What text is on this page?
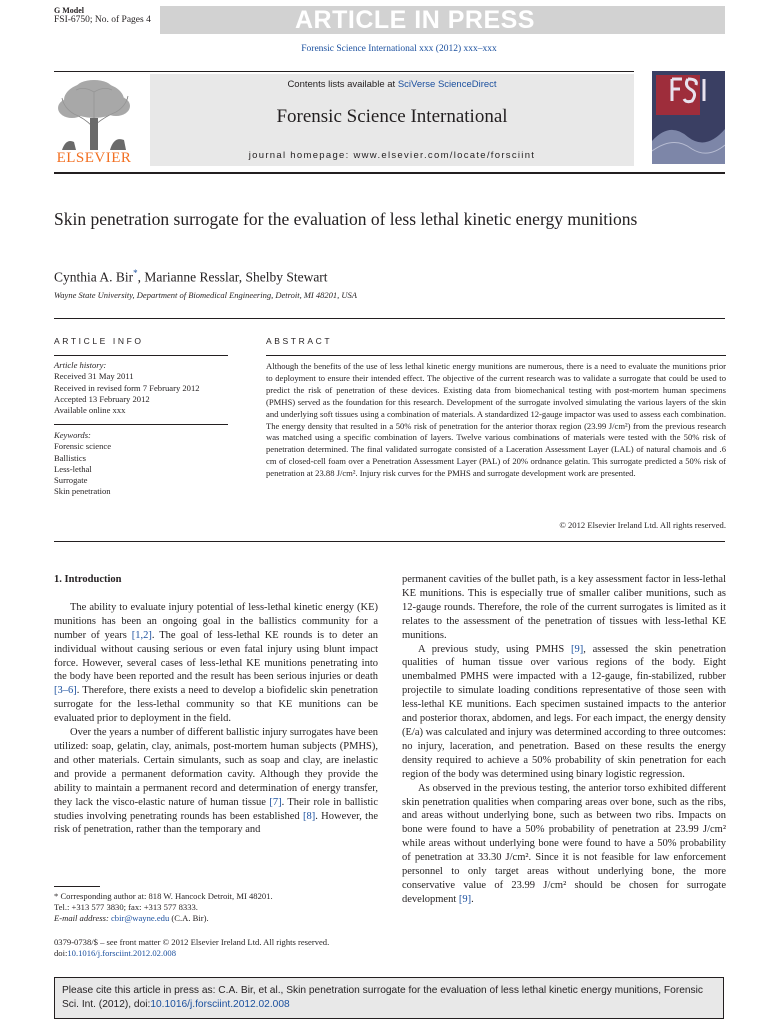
G Model
FSI-6750; No. of Pages 4	ARTICLE IN PRESS
Forensic Science International xxx (2012) xxx–xxx
ELSEVIER
Contents lists available at SciVerse ScienceDirect
Forensic Science International
journal homepage: www.elsevier.com/locate/forsciint
Skin penetration surrogate for the evaluation of less lethal kinetic energy munitions
Cynthia A. Bir*, Marianne Resslar, Shelby Stewart
Wayne State University, Department of Biomedical Engineering, Detroit, MI 48201, USA
ARTICLE INFO	ABSTRACT
Article history:
Received 31 May 2011
Received in revised form 7 February 2012
Accepted 13 February 2012
Available online xxx
Keywords:
Forensic science
Ballistics
Less-lethal
Surrogate
Skin penetration
Although the benefits of the use of less lethal kinetic energy munitions are numerous, there is a need to evaluate the munitions prior to deployment to ensure their intended effect. The objective of the current research was to validate a surrogate that could be used to predict the risk of penetration of these devices. Existing data from biomechanical testing with post-mortem human specimens (PMHS) served as the foundation for this research. Development of the surrogate involved simulating the various layers of the skin and underlying soft tissues using a combination of materials. A standardized 12-gauge impactor was used to assess each combination. The energy density that resulted in a 50% risk of penetration for the anterior thorax region (23.99 J/cm²) from the previous research was matched using a specific combination of layers. Twelve various combinations of materials were tested with the 50% risk of penetration determined. The final validated surrogate consisted of a Laceration Assessment Layer (LAL) of natural chamois and .6 cm of closed-cell foam over a Penetration Assessment Layer (PAL) of 20% ordnance gelatin. This surrogate predicted a 50% risk of penetration at 23.88 J/cm². Injury risk curves for the PMHS and surrogate development work are presented.
© 2012 Elsevier Ireland Ltd. All rights reserved.
1. Introduction

The ability to evaluate injury potential of less-lethal kinetic energy (KE) munitions has been an ongoing goal in the ballistics community for a number of years [1,2]. The goal of less-lethal KE rounds is to deter an individual without causing serious or even fatal injury using blunt impact force. However, several cases of less-lethal KE munitions penetrating into the body have been reported and the result has been serious injuries or death [3–6]. Therefore, there exists a need to develop a biofidelic skin penetration surrogate for the less-lethal community so that KE munitions can be evaluated prior to deployment in the field.

Over the years a number of different ballistic injury surrogates have been utilized: soap, gelatin, clay, animals, post-mortem human subjects (PMHS), and other materials. Certain simulants, such as soap and clay, are inelastic and provide a permanent deformation cavity. Although they provide the ability to maintain a permanent record and determination of energy transfer, they lack the visco-elastic nature of human tissue [7]. Their role in ballistic studies involving penetrating rounds has been established [8]. However, the risk of penetration, rather than the temporary and

permanent cavities of the bullet path, is a key assessment factor in less-lethal KE munitions. This is especially true of smaller caliber munitions, such as 12-gauge rounds. Therefore, the role of the current surrogates is limited as it relates to the assessment of the penetration of tissues with less-lethal KE munitions.

A previous study, using PMHS [9], assessed the skin penetration qualities of human tissue over various regions of the body. Eight unembalmed PMHS were impacted with a 12-gauge, fin-stabilized, rubber projectile to simulate loading conditions representative of those seen with less-lethal KE munitions. Each specimen sustained impacts to the anterior and posterior thorax, abdomen, and legs. For each impact, the energy density (E/a) was calculated and injury was determined according to three outcomes: no injury, laceration, and penetration. Based on these results the energy density required to achieve a 50% probability of skin penetration for each region of the body was determined using binary logistic regression.

As observed in the previous testing, the anterior torso exhibited different skin penetration qualities when comparing areas over bone, such as the ribs, and areas without underlying bone, such as between two ribs. Impacts on bone were found to have a 50% probability of penetration at 23.99 J/cm² while areas without underlying bone were found to have a 50% probability of penetration at 33.30 J/cm². Since it is not feasible for law enforcement personnel to only target areas without underlying bone, the more conservative value of 23.99 J/cm² should be chosen for surrogate development [9].

* Corresponding author at: 818 W. Hancock Detroit, MI 48201.
Tel.: +313 577 3830; fax: +313 577 8333.
E-mail address: cbir@wayne.edu (C.A. Bir).
0379-0738/$ – see front matter © 2012 Elsevier Ireland Ltd. All rights reserved.
doi:10.1016/j.forsciint.2012.02.008
Please cite this article in press as: C.A. Bir, et al., Skin penetration surrogate for the evaluation of less lethal kinetic energy munitions, Forensic Sci. Int. (2012), doi:10.1016/j.forsciint.2012.02.008
